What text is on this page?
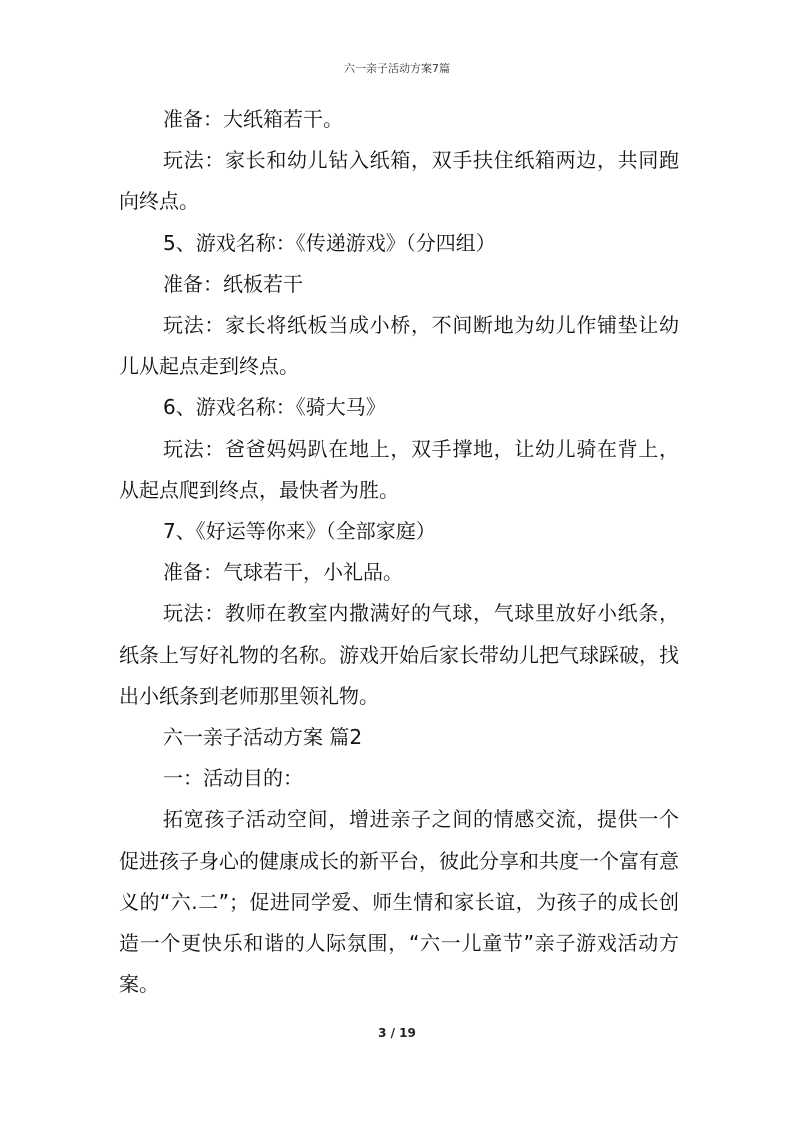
六一亲子活动方案7篇

准备：大纸箱若干。

玩法：家长和幼儿钻入纸箱，双手扶住纸箱两边，共同跑向终点。

5、游戏名称：《传递游戏》（分四组）

准备：纸板若干

玩法：家长将纸板当成小桥，不间断地为幼儿作铺垫让幼儿从起点走到终点。

6、游戏名称：《骑大马》

玩法：爸爸妈妈趴在地上，双手撑地，让幼儿骑在背上，从起点爬到终点，最快者为胜。

7、《好运等你来》（全部家庭）

准备：气球若干，小礼品。

玩法：教师在教室内撒满好的气球，气球里放好小纸条，纸条上写好礼物的名称。游戏开始后家长带幼儿把气球踩破，找出小纸条到老师那里领礼物。

六一亲子活动方案 篇2

一：活动目的：

拓宽孩子活动空间，增进亲子之间的情感交流，提供一个促进孩子身心的健康成长的新平台，彼此分享和共度一个富有意义的“六.二”；促进同学爱、师生情和家长谊，为孩子的成长创造一个更快乐和谐的人际氛围，“六一儿童节”亲子游戏活动方案。

3 / 19
